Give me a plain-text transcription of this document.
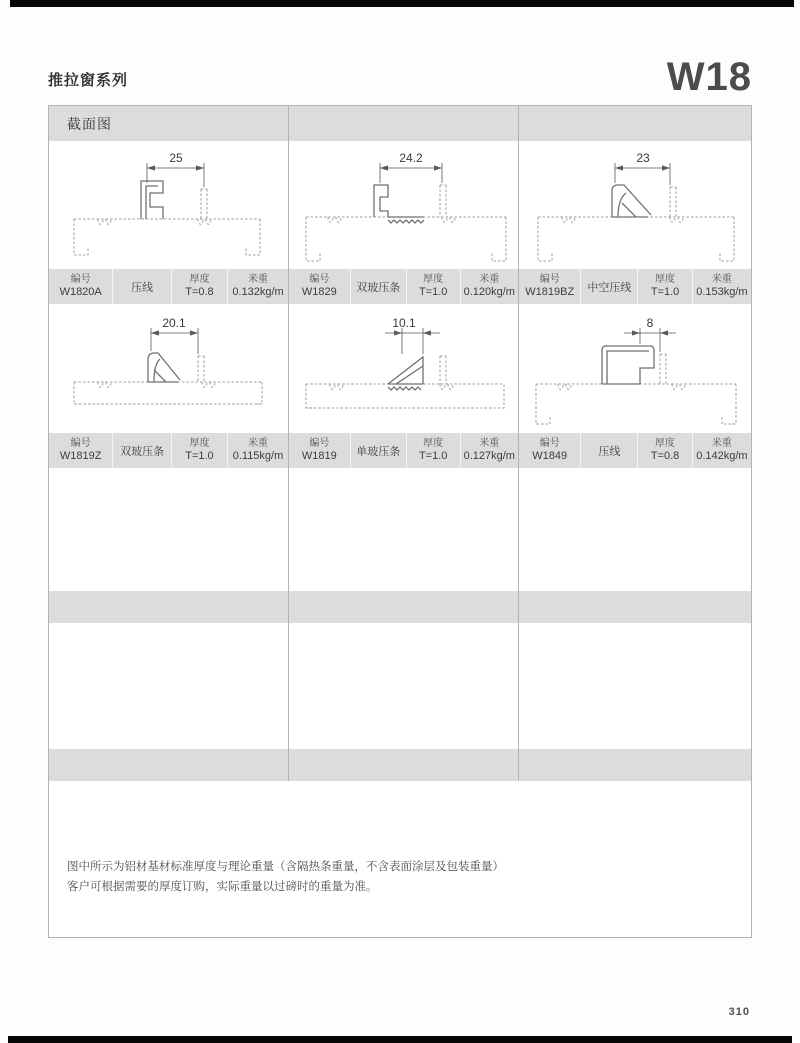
推拉窗系列	W18
截面图
25	24.2	23
编号
W1820A	压线
厚度
T=0.8
米重
0.132kg/m
编号
W1829 双玻压条
厚度
T=1.0
米重
0.120kg/m
编号
W1819BZ 中空压线
厚度
T=1.0
米重
0.153kg/m
20.1	10.1	8
编号
W1819Z 双玻压条
厚度
T=1.0
米重
0.115kg/m
编号
W1819 单玻压条
厚度
T=1.0
米重
0.127kg/m
编号
W1849	压线
厚度
T=0.8
米重
0.142kg/m
图中所示为铝材基材标准厚度与理论重量（含隔热条重量，不含表面涂层及包装重量）
客户可根据需要的厚度订购，实际重量以过磅时的重量为准。
310
